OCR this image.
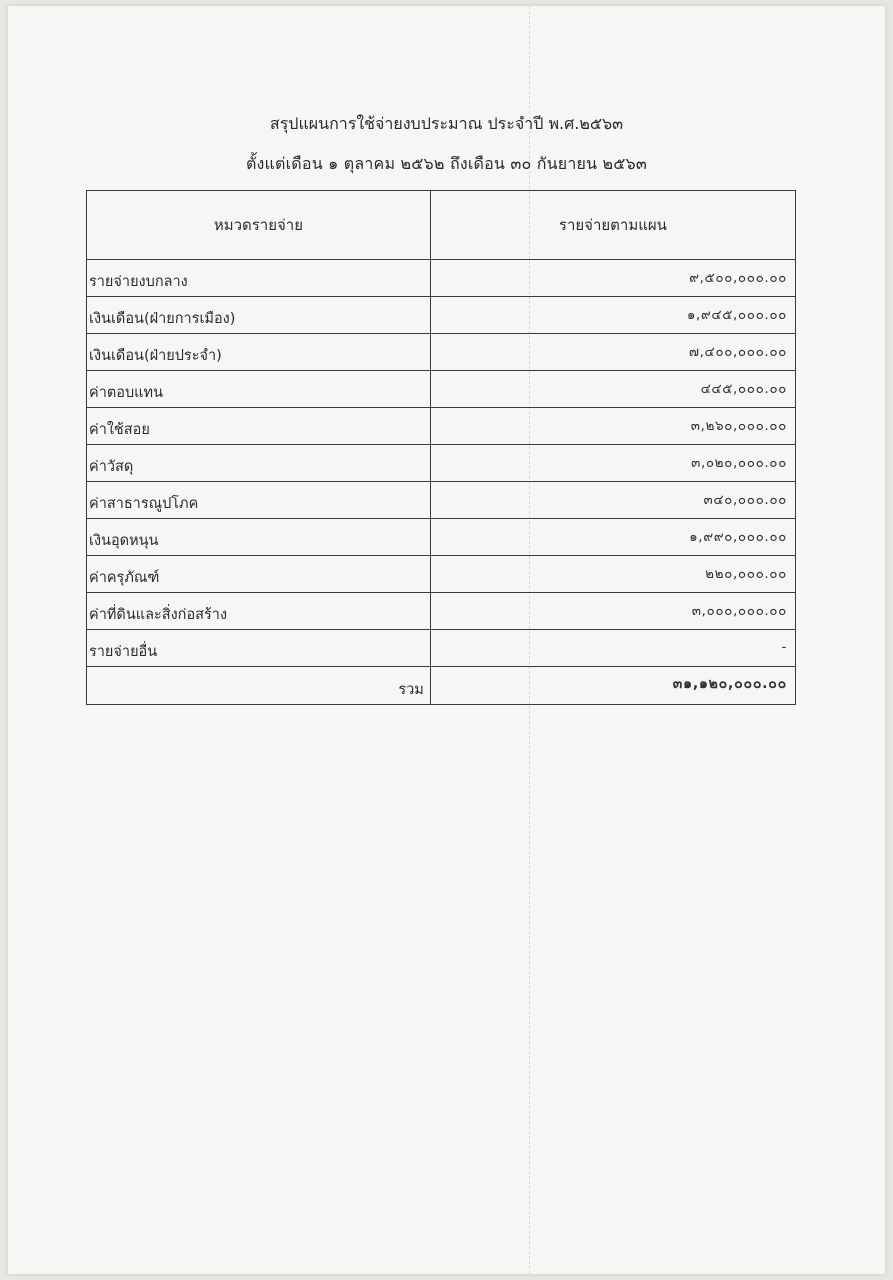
สรุปแผนการใช้จ่ายงบประมาณ ประจำปี พ.ศ.๒๕๖๓
ตั้งแต่เดือน ๑ ตุลาคม ๒๕๖๒ ถึงเดือน ๓๐ กันยายน ๒๕๖๓
หมวดรายจ่าย	รายจ่ายตามแผน
รายจ่ายงบกลาง	๙,๕๐๐,๐๐๐.๐๐
เงินเดือน(ฝ่ายการเมือง)	๑,๙๔๕,๐๐๐.๐๐
เงินเดือน(ฝ่ายประจำ)	๗,๔๐๐,๐๐๐.๐๐
ค่าตอบแทน	๔๔๕,๐๐๐.๐๐
ค่าใช้สอย	๓,๒๖๐,๐๐๐.๐๐
ค่าวัสดุ	๓,๐๒๐,๐๐๐.๐๐
ค่าสาธารณูปโภค	๓๔๐,๐๐๐.๐๐
เงินอุดหนุน	๑,๙๙๐,๐๐๐.๐๐
ค่าครุภัณฑ์	๒๒๐,๐๐๐.๐๐
ค่าที่ดินและสิ่งก่อสร้าง	๓,๐๐๐,๐๐๐.๐๐
รายจ่ายอื่น	-
รวม	๓๑,๑๒๐,๐๐๐.๐๐
